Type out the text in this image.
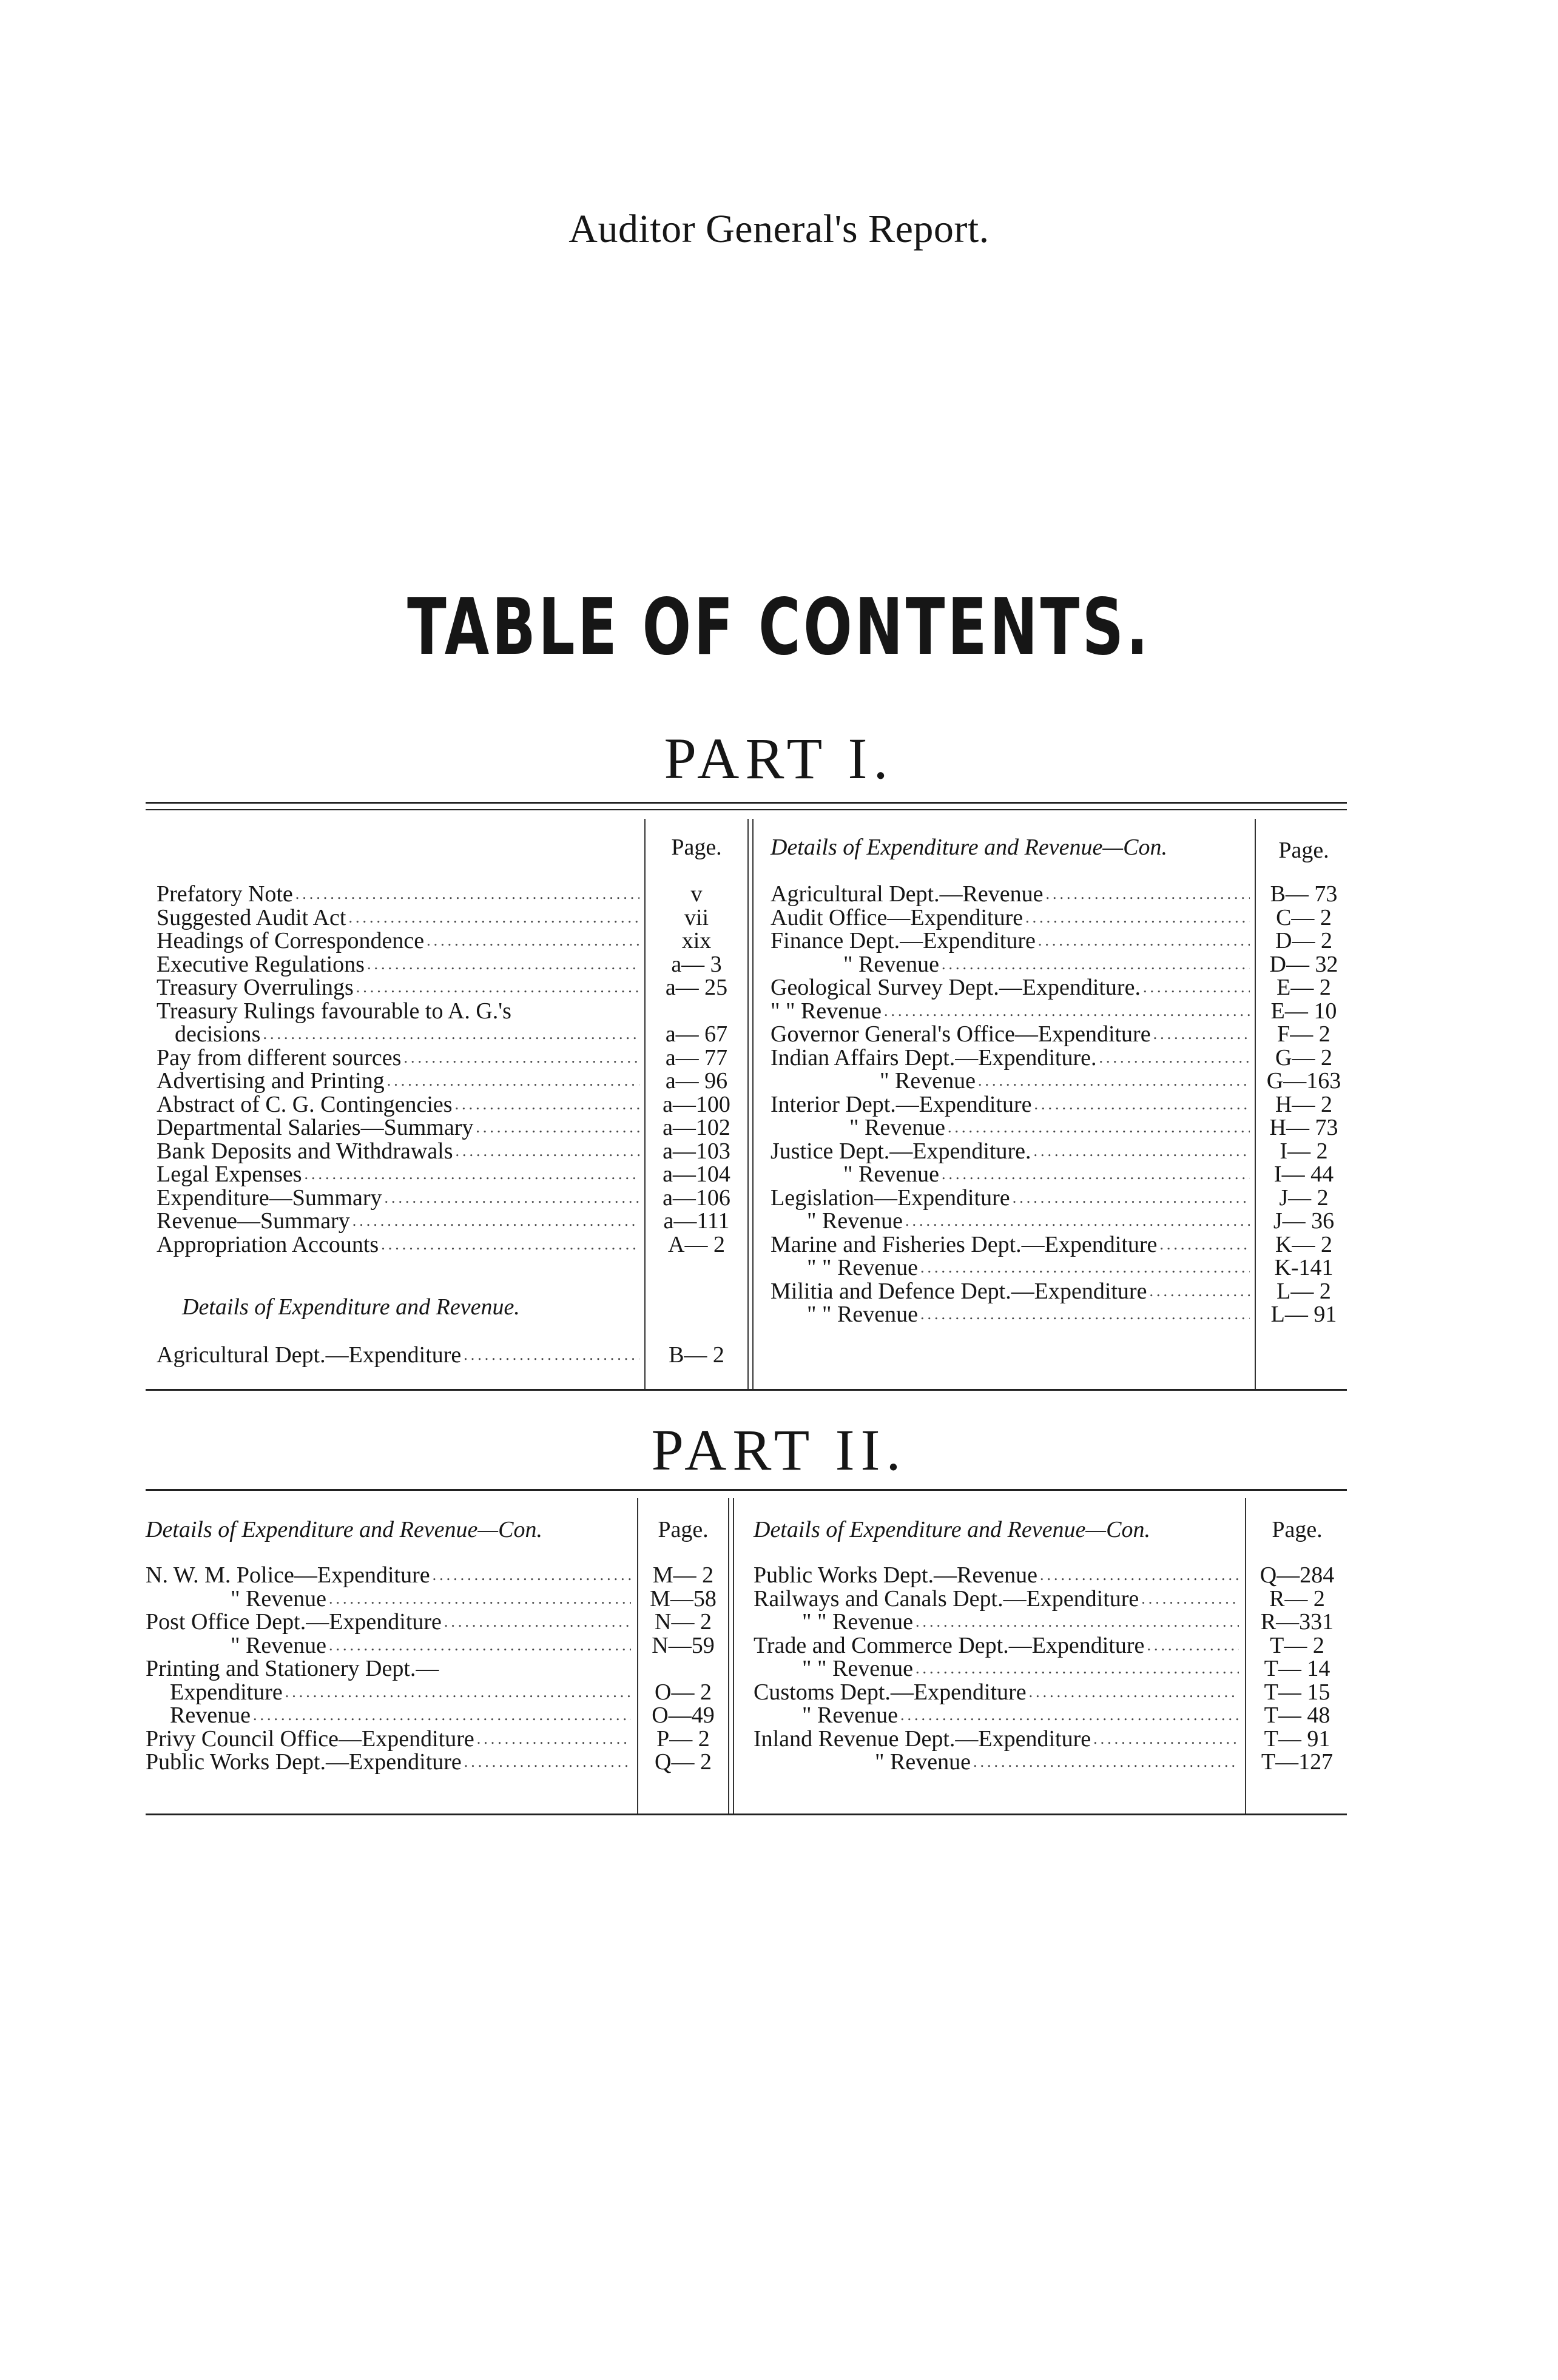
Auditor General's Report.
TABLE OF CONTENTS.
PART I.
Page.	Details of Expenditure and Revenue—Con.	Page.
Prefatory Note .....	v
Suggested Audit Act .....	vii
Headings of Correspondence .....	xix
Executive Regulations .....	a— 3
Treasury Overrulings .....	a— 25
Treasury Rulings favourable to A. G.'s
decisions .....	a— 67
Pay from different sources .....	a— 77
Advertising and Printing .....	a— 96
Abstract of C. G. Contingencies .....	a—100
Departmental Salaries—Summary .....	a—102
Bank Deposits and Withdrawals .....	a—103
Legal Expenses .....	a—104
Expenditure—Summary .....	a—106
Revenue—Summary .....	a—111
Appropriation Accounts .....	A— 2
Details of Expenditure and Revenue.
Agricultural Dept.—Expenditure .....	B— 2
Agricultural Dept.—Revenue .....	B— 73
Audit Office—Expenditure .....	C— 2
Finance Dept.—Expenditure .....	D— 2
" Revenue .....	D— 32
Geological Survey Dept.—Expenditure. .....	E— 2
" " Revenue .....	E— 10
Governor General's Office—Expenditure .....	F— 2
Indian Affairs Dept.—Expenditure. .....	G— 2
" Revenue .....	G—163
Interior Dept.—Expenditure .....	H— 2
" Revenue .....	H— 73
Justice Dept.—Expenditure. .....	I— 2
" Revenue .....	I— 44
Legislation—Expenditure .....	J— 2
" Revenue .....	J— 36
Marine and Fisheries Dept.—Expenditure .....	K— 2
" " Revenue .....	K-141
Militia and Defence Dept.—Expenditure .....	L— 2
" " Revenue .....	L— 91
PART II.
Details of Expenditure and Revenue—Con.	Page.	Details of Expenditure and Revenue—Con.	Page.
N. W. M. Police—Expenditure .....	M— 2
" Revenue .....	M—58
Post Office Dept.—Expenditure .....	N— 2
" Revenue .....	N—59
Printing and Stationery Dept.—
Expenditure .....	O— 2
Revenue .....	O—49
Privy Council Office—Expenditure .....	P— 2
Public Works Dept.—Expenditure .....	Q— 2
Public Works Dept.—Revenue .....	Q—284
Railways and Canals Dept.—Expenditure .....	R— 2
" " Revenue .....	R—331
Trade and Commerce Dept.—Expenditure .....	T— 2
" " Revenue .....	T— 14
Customs Dept.—Expenditure .....	T— 15
" Revenue .....	T— 48
Inland Revenue Dept.—Expenditure .....	T— 91
" Revenue .....	T—127
